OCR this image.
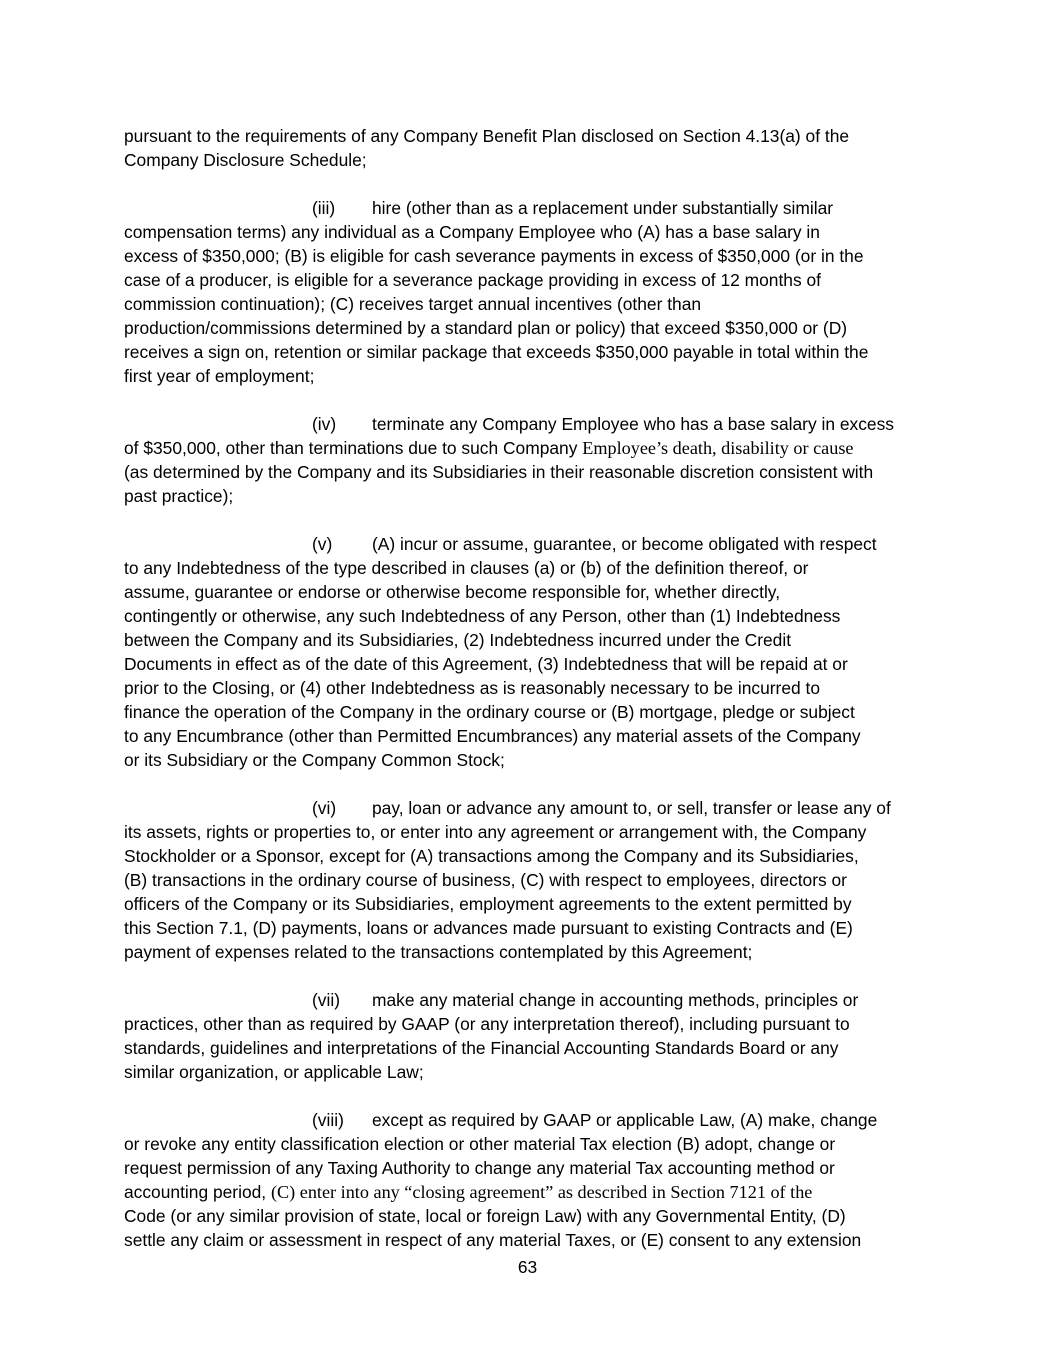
pursuant to the requirements of any Company Benefit Plan disclosed on Section 4.13(a) of the
Company Disclosure Schedule;
(iii) hire (other than as a replacement under substantially similar
compensation terms) any individual as a Company Employee who (A) has a base salary in
excess of $350,000; (B) is eligible for cash severance payments in excess of $350,000 (or in the
case of a producer, is eligible for a severance package providing in excess of 12 months of
commission continuation); (C) receives target annual incentives (other than
production/commissions determined by a standard plan or policy) that exceed $350,000 or (D)
receives a sign on, retention or similar package that exceeds $350,000 payable in total within the
first year of employment;
(iv) terminate any Company Employee who has a base salary in excess
of $350,000, other than terminations due to such Company Employee’s death, disability or cause
(as determined by the Company and its Subsidiaries in their reasonable discretion consistent with
past practice);
(v) (A) incur or assume, guarantee, or become obligated with respect
to any Indebtedness of the type described in clauses (a) or (b) of the definition thereof, or
assume, guarantee or endorse or otherwise become responsible for, whether directly,
contingently or otherwise, any such Indebtedness of any Person, other than (1) Indebtedness
between the Company and its Subsidiaries, (2) Indebtedness incurred under the Credit
Documents in effect as of the date of this Agreement, (3) Indebtedness that will be repaid at or
prior to the Closing, or (4) other Indebtedness as is reasonably necessary to be incurred to
finance the operation of the Company in the ordinary course or (B) mortgage, pledge or subject
to any Encumbrance (other than Permitted Encumbrances) any material assets of the Company
or its Subsidiary or the Company Common Stock;
(vi) pay, loan or advance any amount to, or sell, transfer or lease any of
its assets, rights or properties to, or enter into any agreement or arrangement with, the Company
Stockholder or a Sponsor, except for (A) transactions among the Company and its Subsidiaries,
(B) transactions in the ordinary course of business, (C) with respect to employees, directors or
officers of the Company or its Subsidiaries, employment agreements to the extent permitted by
this Section 7.1, (D) payments, loans or advances made pursuant to existing Contracts and (E)
payment of expenses related to the transactions contemplated by this Agreement;
(vii) make any material change in accounting methods, principles or
practices, other than as required by GAAP (or any interpretation thereof), including pursuant to
standards, guidelines and interpretations of the Financial Accounting Standards Board or any
similar organization, or applicable Law;
(viii) except as required by GAAP or applicable Law, (A) make, change
or revoke any entity classification election or other material Tax election (B) adopt, change or
request permission of any Taxing Authority to change any material Tax accounting method or
accounting period, (C) enter into any “closing agreement” as described in Section 7121 of the
Code (or any similar provision of state, local or foreign Law) with any Governmental Entity, (D)
settle any claim or assessment in respect of any material Taxes, or (E) consent to any extension
63
